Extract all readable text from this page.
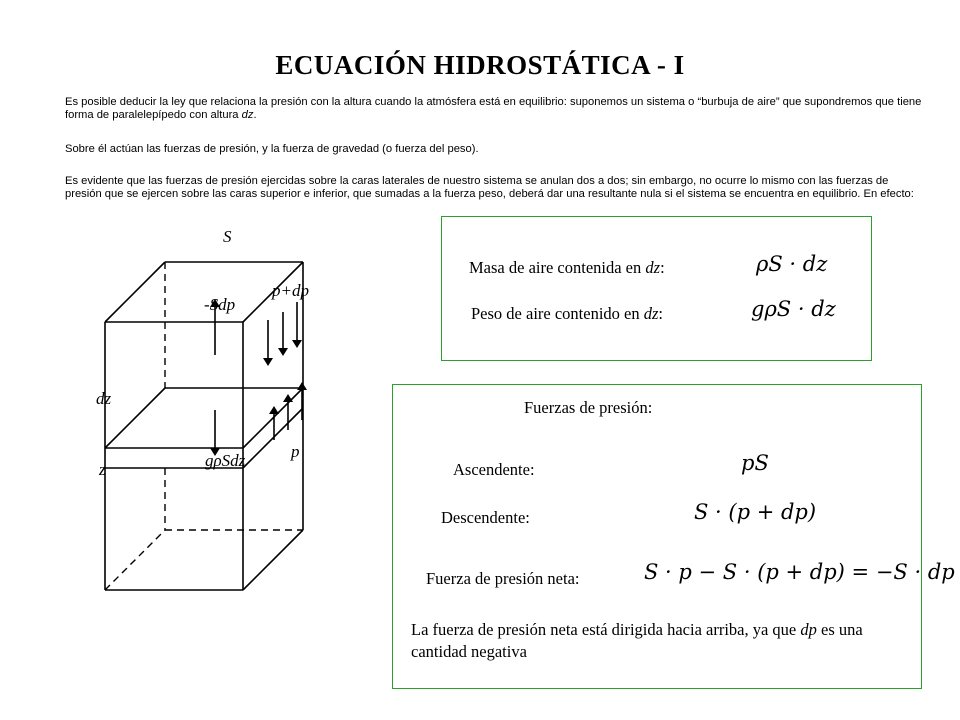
ECUACIÓN HIDROSTÁTICA - I

Es posible deducir la ley que relaciona la presión con la altura cuando la atmósfera está en equilibrio: suponemos un sistema o “burbuja de aire” que supondremos que tiene forma de paralelepípedo con altura dz.

Sobre él actúan las fuerzas de presión, y la fuerza de gravedad (o fuerza del peso).

Es evidente que las fuerzas de presión ejercidas sobre la caras laterales de nuestro sistema se anulan dos a dos; sin embargo, no ocurre lo mismo con las fuerzas de presión que se ejercen sobre las caras superior e inferior, que sumadas a la fuerza peso, deberá dar una resultante nula si el sistema se encuentra en equilibrio. En efecto:

S
-Sdp
p+dp
dz
p
gρSdz
z
Masa de aire contenida en dz:	ρS · dz
Peso de aire contenido en dz:	gρS · dz
Fuerzas de presión:
Ascendente:	pS
Descendente:	S · (p + dp)
Fuerza de presión neta:	S · p − S · (p + dp) = −S · dp
La fuerza de presión neta está dirigida hacia arriba, ya que dp es una cantidad negativa
